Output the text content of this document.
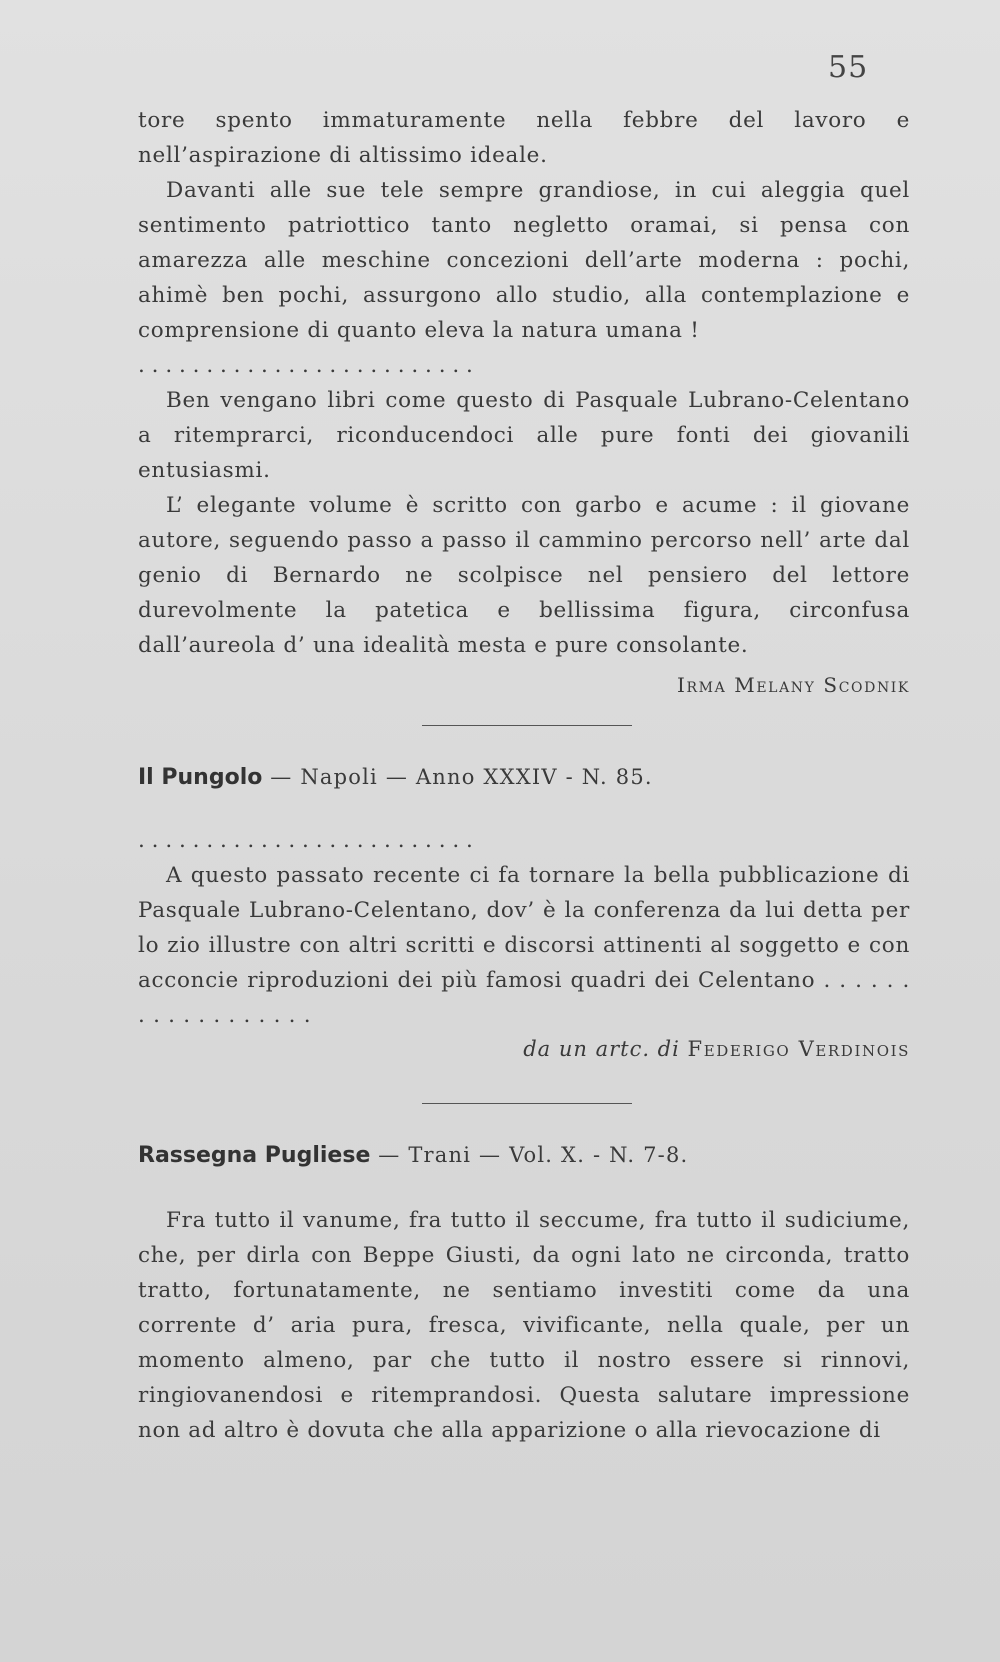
55

tore spento immaturamente nella febbre del lavoro e nell’aspirazione di altissimo ideale.

Davanti alle sue tele sempre grandiose, in cui aleggia quel sentimento patriottico tanto negletto oramai, si pensa con amarezza alle meschine concezioni dell’arte moderna : pochi, ahimè ben pochi, assurgono allo studio, alla contemplazione e comprensione di quanto eleva la natura umana !

. . . . . . . . . . . . . . . . . . . . . . . . .

Ben vengano libri come questo di Pasquale Lubrano-Celentano a ritemprarci, riconducendoci alle pure fonti dei giovanili entusiasmi.

L’ elegante volume è scritto con garbo e acume : il giovane autore, seguendo passo a passo il cammino percorso nell’ arte dal genio di Bernardo ne scolpisce nel pensiero del lettore durevolmente la patetica e bellissima figura, circonfusa dall’aureola d’ una idealità mesta e pure consolante.

Irma Melany Scodnik
Il Pungolo — Napoli — Anno XXXIV - N. 85.
. . . . . . . . . . . . . . . . . . . . . . . . .

A questo passato recente ci fa tornare la bella pubblicazione di Pasquale Lubrano-Celentano, dov’ è la conferenza da lui detta per lo zio illustre con altri scritti e discorsi attinenti al soggetto e con acconcie riproduzioni dei più famosi quadri dei Celentano . . . . . . . . . . . . . . . . . .

da un artc. di Federigo Verdinois
Rassegna Pugliese — Trani — Vol. X. - N. 7-8.

Fra tutto il vanume, fra tutto il seccume, fra tutto il sudiciume, che, per dirla con Beppe Giusti, da ogni lato ne circonda, tratto tratto, fortunatamente, ne sentiamo investiti come da una corrente d’ aria pura, fresca, vivificante, nella quale, per un momento almeno, par che tutto il nostro essere si rinnovi, ringiovanendosi e ritemprandosi. Questa salutare impressione non ad altro è dovuta che alla apparizione o alla rievocazione di
